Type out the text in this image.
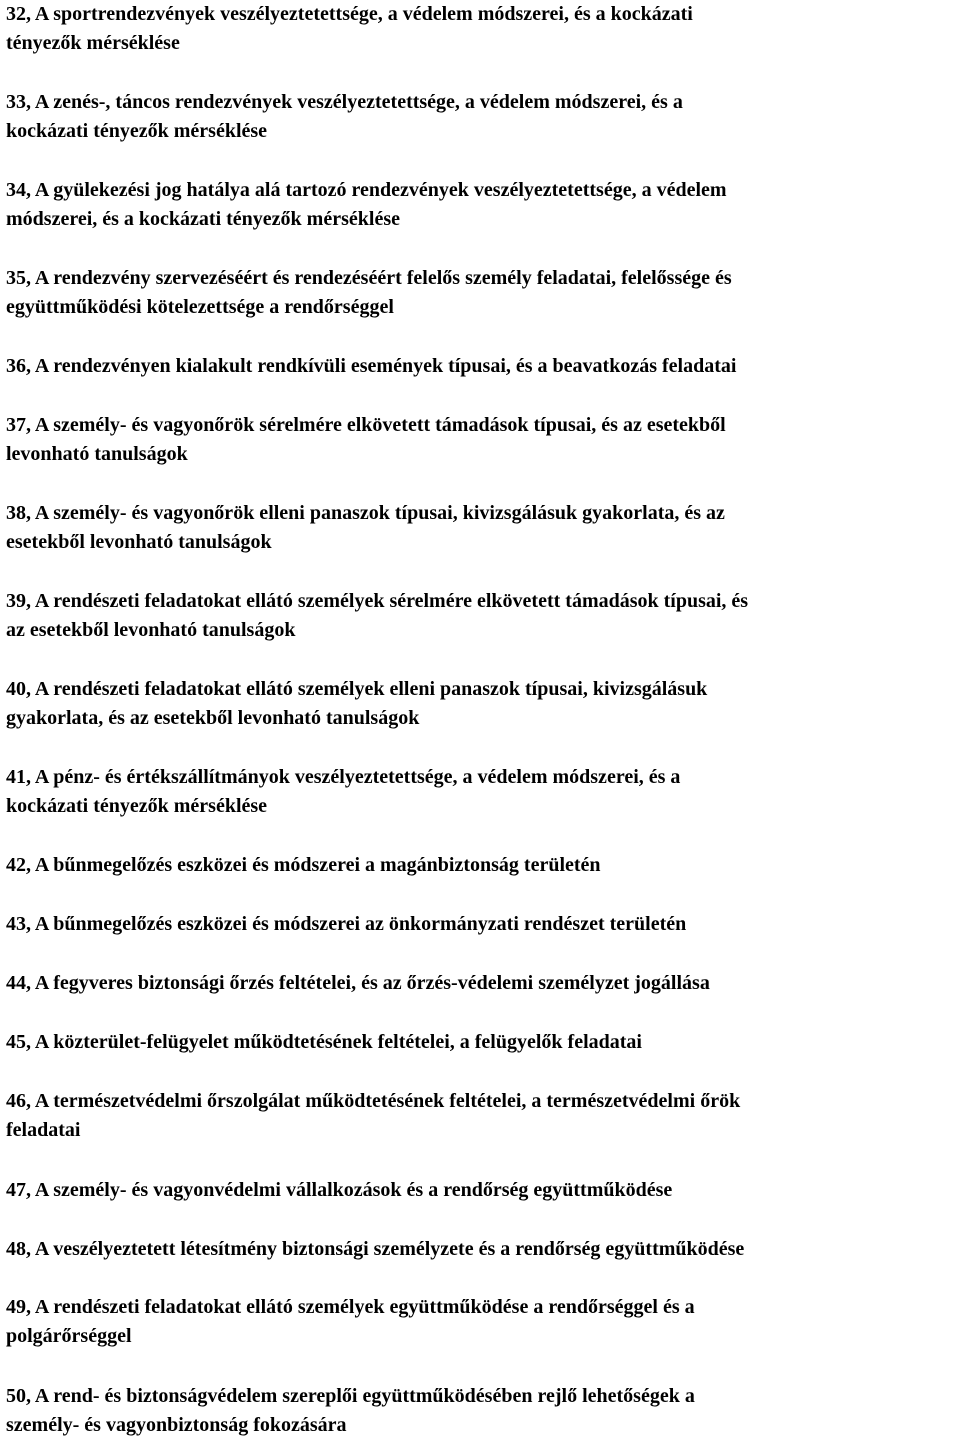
32, A sportrendezvények veszélyeztetettsége, a védelem módszerei, és a kockázati
tényezők mérséklése
33, A zenés-, táncos rendezvények veszélyeztetettsége, a védelem módszerei, és a
kockázati tényezők mérséklése
34, A gyülekezési jog hatálya alá tartozó rendezvények veszélyeztetettsége, a védelem
módszerei, és a kockázati tényezők mérséklése
35, A rendezvény szervezéséért és rendezéséért felelős személy feladatai, felelőssége és
együttműködési kötelezettsége a rendőrséggel
36, A rendezvényen kialakult rendkívüli események típusai, és a beavatkozás feladatai
37, A személy- és vagyonőrök sérelmére elkövetett támadások típusai, és az esetekből
levonható tanulságok
38, A személy- és vagyonőrök elleni panaszok típusai, kivizsgálásuk gyakorlata, és az
esetekből levonható tanulságok
39, A rendészeti feladatokat ellátó személyek sérelmére elkövetett támadások típusai, és
az esetekből levonható tanulságok
40, A rendészeti feladatokat ellátó személyek elleni panaszok típusai, kivizsgálásuk
gyakorlata, és az esetekből levonható tanulságok
41, A pénz- és értékszállítmányok veszélyeztetettsége, a védelem módszerei, és a
kockázati tényezők mérséklése
42, A bűnmegelőzés eszközei és módszerei a magánbiztonság területén
43, A bűnmegelőzés eszközei és módszerei az önkormányzati rendészet területén
44, A fegyveres biztonsági őrzés feltételei, és az őrzés-védelemi személyzet jogállása
45, A közterület-felügyelet működtetésének feltételei, a felügyelők feladatai
46, A természetvédelmi őrszolgálat működtetésének feltételei, a természetvédelmi őrök
feladatai
47, A személy- és vagyonvédelmi vállalkozások és a rendőrség együttműködése
48, A veszélyeztetett létesítmény biztonsági személyzete és a rendőrség együttműködése
49, A rendészeti feladatokat ellátó személyek együttműködése a rendőrséggel és a
polgárőrséggel
50, A rend- és biztonságvédelem szereplői együttműködésében rejlő lehetőségek a
személy- és vagyonbiztonság fokozására
